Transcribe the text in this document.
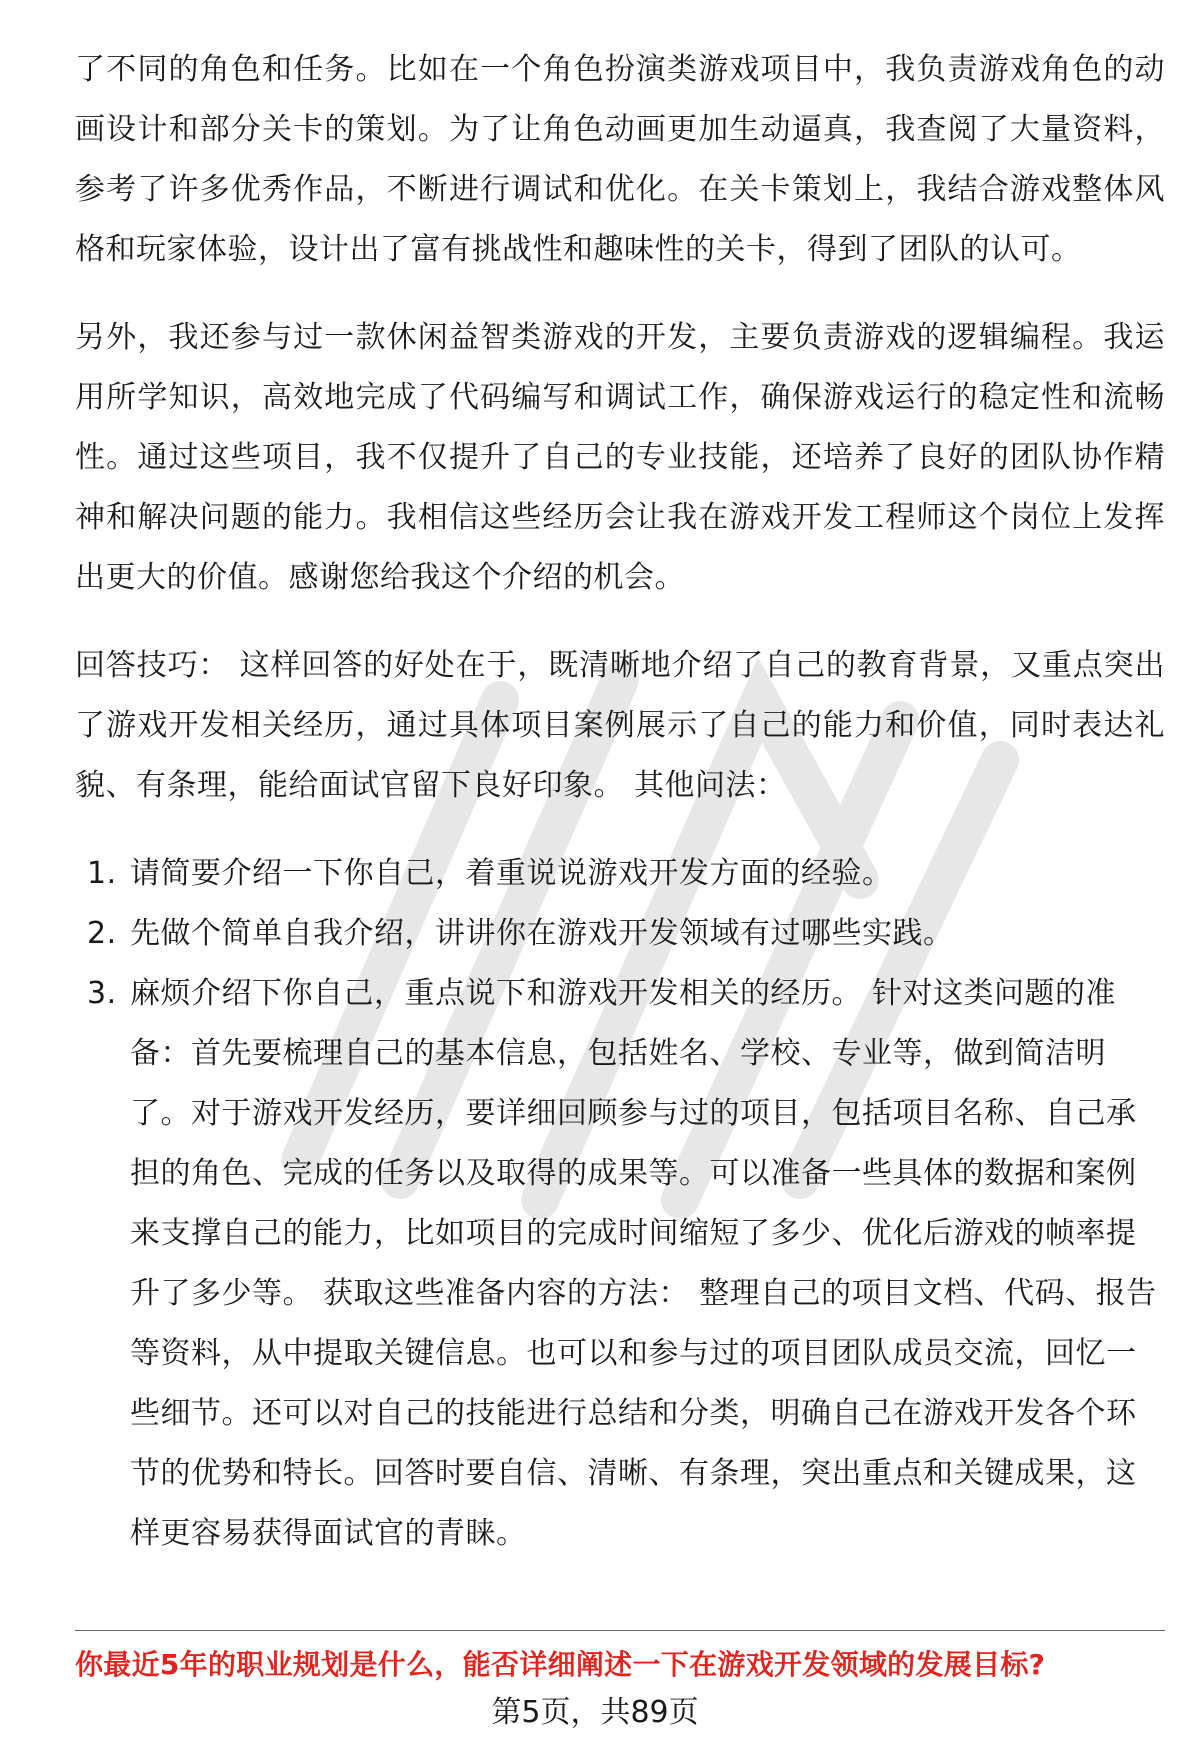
了不同的角色和任务。比如在一个角色扮演类游戏项目中，我负责游戏角色的动画设计和部分关卡的策划。为了让角色动画更加生动逼真，我查阅了大量资料，参考了许多优秀作品，不断进行调试和优化。在关卡策划上，我结合游戏整体风格和玩家体验，设计出了富有挑战性和趣味性的关卡，得到了团队的认可。

另外，我还参与过一款休闲益智类游戏的开发，主要负责游戏的逻辑编程。我运用所学知识，高效地完成了代码编写和调试工作，确保游戏运行的稳定性和流畅性。通过这些项目，我不仅提升了自己的专业技能，还培养了良好的团队协作精神和解决问题的能力。我相信这些经历会让我在游戏开发工程师这个岗位上发挥出更大的价值。感谢您给我这个介绍的机会。

回答技巧： 这样回答的好处在于，既清晰地介绍了自己的教育背景，又重点突出了游戏开发相关经历，通过具体项目案例展示了自己的能力和价值，同时表达礼貌、有条理，能给面试官留下良好印象。 其他问法：

1. 请简要介绍一下你自己，着重说说游戏开发方面的经验。
2. 先做个简单自我介绍，讲讲你在游戏开发领域有过哪些实践。
3. 麻烦介绍下你自己，重点说下和游戏开发相关的经历。 针对这类问题的准备：首先要梳理自己的基本信息，包括姓名、学校、专业等，做到简洁明了。对于游戏开发经历，要详细回顾参与过的项目，包括项目名称、自己承担的角色、完成的任务以及取得的成果等。可以准备一些具体的数据和案例来支撑自己的能力，比如项目的完成时间缩短了多少、优化后游戏的帧率提升了多少等。 获取这些准备内容的方法： 整理自己的项目文档、代码、报告等资料，从中提取关键信息。也可以和参与过的项目团队成员交流，回忆一些细节。还可以对自己的技能进行总结和分类，明确自己在游戏开发各个环节的优势和特长。回答时要自信、清晰、有条理，突出重点和关键成果，这样更容易获得面试官的青睐。
你最近5年的职业规划是什么，能否详细阐述一下在游戏开发领域的发展目标?
第5页，共89页
